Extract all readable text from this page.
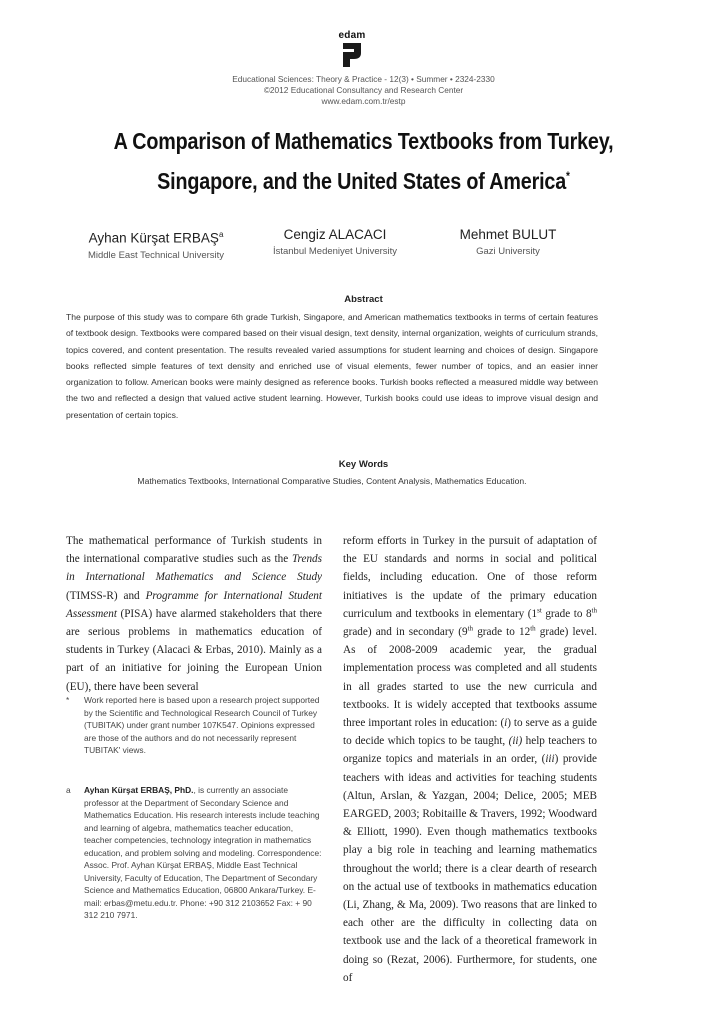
edam
Educational Sciences: Theory & Practice - 12(3) • Summer • 2324-2330
©2012 Educational Consultancy and Research Center
www.edam.com.tr/estp
A Comparison of Mathematics Textbooks from Turkey,
Singapore, and the United States of America*
Ayhan Kürşat ERBAŞ$^a$
Middle East Technical University
Cengiz ALACACI
İstanbul Medeniyet University
Mehmet BULUT
Gazi University
Abstract
The purpose of this study was to compare 6th grade Turkish, Singapore, and American mathematics textbooks in terms of certain features of textbook design. Textbooks were compared based on their visual design, text density, internal organization, weights of curriculum strands, topics covered, and content presentation. The results revealed varied assumptions for student learning and choices of design. Singapore books reflected simple features of text density and enriched use of visual elements, fewer number of topics, and an easier inner organization to follow. American books were mainly designed as reference books. Turkish books reflected a measured middle way between the two and reflected a design that valued active student learning. However, Turkish books could use ideas to improve visual design and presentation of certain topics.
Key Words
Mathematics Textbooks, International Comparative Studies, Content Analysis, Mathematics Education.
The mathematical performance of Turkish students in the international comparative studies such as the Trends in International Mathematics and Science Study (TIMSS-R) and Programme for International Student Assessment (PISA) have alarmed stakeholders that there are serious problems in mathematics education of students in Turkey (Alacaci & Erbas, 2010). Mainly as a part of an initiative for joining the European Union (EU), there have been several
* Work reported here is based upon a research project supported by the Scientific and Technological Research Council of Turkey (TUBITAK) under grant number 107K547. Opinions expressed are those of the authors and do not necessarily represent TUBITAK' views.
a Ayhan Kürşat ERBAŞ, PhD., is currently an associate professor at the Department of Secondary Science and Mathematics Education. His research interests include teaching and learning of algebra, mathematics teacher education, teacher competencies, technology integration in mathematics education, and problem solving and modeling. Correspondence: Assoc. Prof. Ayhan Kürşat ERBAŞ, Middle East Technical University, Faculty of Education, The Department of Secondary Science and Mathematics Education, 06800 Ankara/Turkey. E-mail: erbas@metu.edu.tr. Phone: +90 312 2103652 Fax: + 90 312 210 7971.
reform efforts in Turkey in the pursuit of adaptation of the EU standards and norms in social and political fields, including education. One of those reform initiatives is the update of the primary education curriculum and textbooks in elementary (1st grade to 8th grade) and in secondary (9th grade to 12th grade) level. As of 2008-2009 academic year, the gradual implementation process was completed and all students in all grades started to use the new curricula and textbooks. It is widely accepted that textbooks assume three important roles in education: (i) to serve as a guide to decide which topics to be taught, (ii) help teachers to organize topics and materials in an order, (iii) provide teachers with ideas and activities for teaching students (Altun, Arslan, & Yazgan, 2004; Delice, 2005; MEB EARGED, 2003; Robitaille & Travers, 1992; Woodward & Elliott, 1990). Even though mathematics textbooks play a big role in teaching and learning mathematics throughout the world; there is a clear dearth of research on the actual use of textbooks in mathematics education (Li, Zhang, & Ma, 2009). Two reasons that are linked to each other are the difficulty in collecting data on textbook use and the lack of a theoretical framework in doing so (Rezat, 2006). Furthermore, for students, one of
